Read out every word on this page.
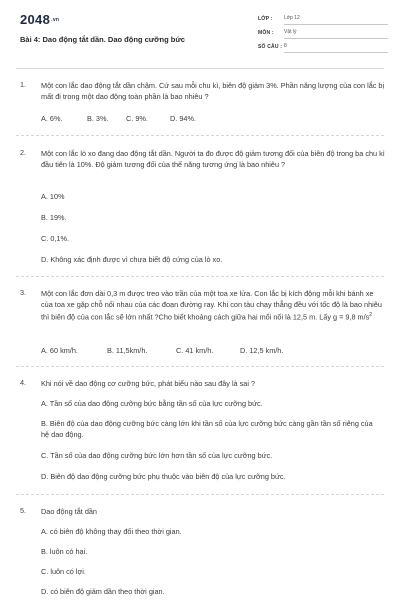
$2048^{.vn}$
Bài 4: Dao động tắt dần. Dao động cưỡng bức
LỚP : Lớp 12
MÔN : Vật lý
SỐ CÂU : 8
1. Một con lắc dao động tắt dần chậm. Cứ sau mỗi chu kì, biên độ giảm 3%. Phần năng lượng của con lắc bị mất đi trong một dao động toàn phần là bao nhiêu ?
A. 6%.	B. 3%. C. 9%.	D. 94%.
2. Một con lắc lò xo đang dao động tắt dần. Người ta đo được độ giảm tương đối của biên độ trong ba chu kì đầu tiên là 10%. Độ giảm tương đối của thế năng tương ứng là bao nhiêu ?
A. 10%
B. 19%.
C. 0,1%.
D. Không xác định được vì chưa biết độ cứng của lò xo.
3. Một con lắc đơn dài 0,3 m được treo vào trần của một toa xe lửa. Con lắc bị kích động mỗi khi bánh xe của toa xe gặp chỗ nối nhau của các đoạn đường ray. Khi con tàu chạy thẳng đều với tốc độ là bao nhiêu thì biên độ của con lắc sẽ lớn nhất ?Cho biết khoảng cách giữa hai mối nối là 12,5 m. Lấy g = 9,8 $m/s^2$
A. 60 km/h.	B. 11,5km/h.	C. 41 km/h.	D. 12,5 km/h.
4. Khi nói về dao động cơ cưỡng bức, phát biểu nào sau đây là sai ?
A. Tần số của dao động cưỡng bức bằng tần số của lực cưỡng bức.
B. Biên độ của dao động cưỡng bức càng lớn khi tần số của lực cưỡng bức càng gần tần số riêng của hệ dao động.
C. Tần số của dao động cưỡng bức lớn hơn tần số của lực cưỡng bức.
D. Biên độ dao động cưỡng bức phụ thuộc vào biên độ của lực cưỡng bức.
5. Dao động tắt dần
A. có biên độ không thay đổi theo thời gian.
B. luôn có hại.
C. luôn có lợi.
D. có biên độ giảm dần theo thời gian.
